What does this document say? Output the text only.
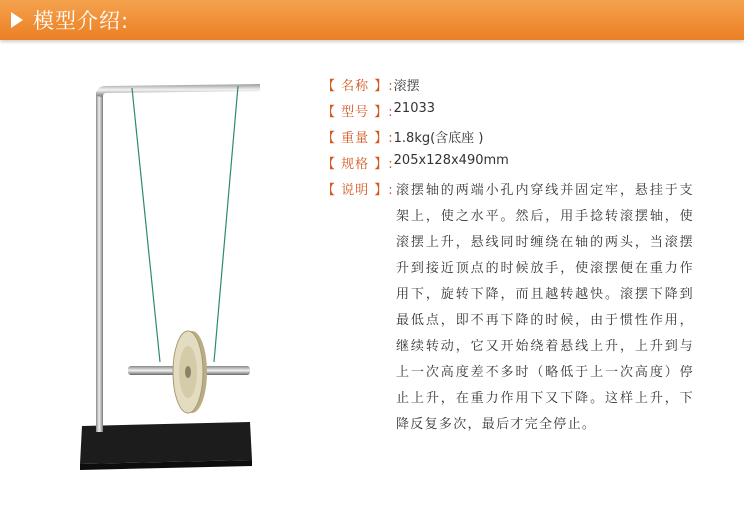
模型介绍:
【 名称 】: 滚摆
【 型号 】: 21033
【 重量 】: 1.8kg(含底座 )
【 规格 】: 205x128x490mm
【 说明 】: 滚摆轴的两端小孔内穿线并固定牢，悬挂于支架上，使之水平。然后，用手捻转滚摆轴，使滚摆上升，悬线同时缠绕在轴的两头，当滚摆升到接近顶点的时候放手，使滚摆便在重力作用下，旋转下降，而且越转越快。滚摆下降到最低点，即不再下降的时候，由于惯性作用，继续转动，它又开始绕着悬线上升，上升到与上一次高度差不多时（略低于上一次高度）停止上升，在重力作用下又下降。这样上升，下降反复多次，最后才完全停止。
